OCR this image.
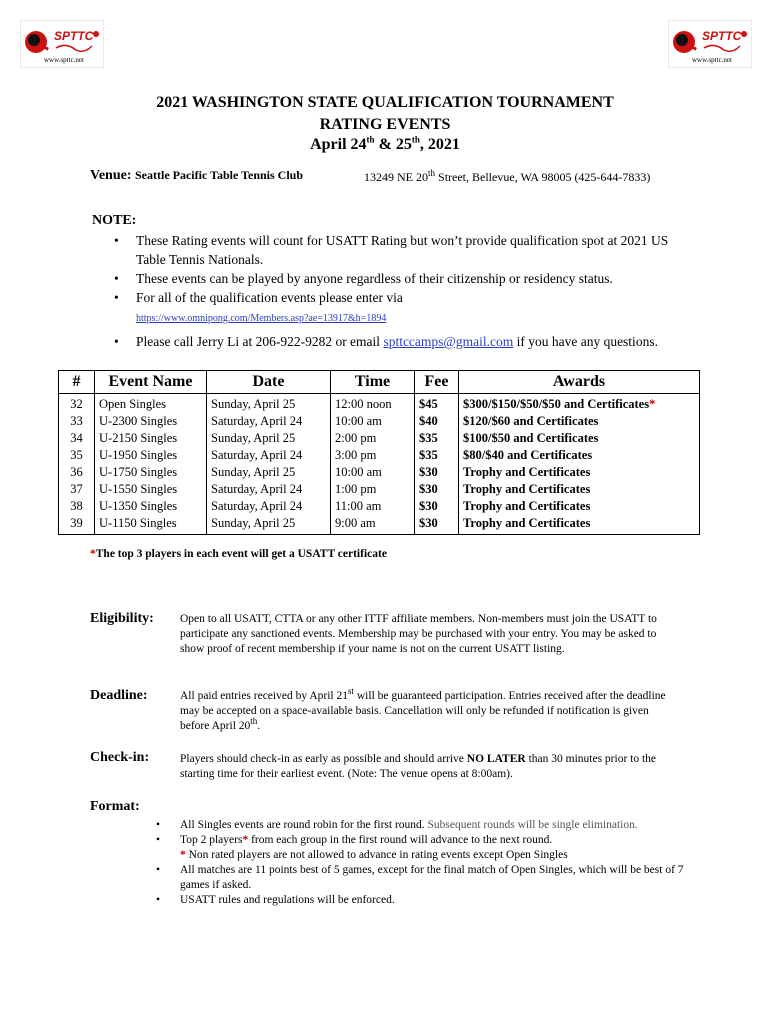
SPTTC
www.spttc.net
SPTTC
www.spttc.net
2021 WASHINGTON STATE QUALIFICATION TOURNAMENT
RATING EVENTS
April 24th & 25th, 2021
Venue: Seattle Pacific Table Tennis Club	13249 NE 20th Street, Bellevue, WA 98005 (425-644-7833)
NOTE:
• These Rating events will count for USATT Rating but won’t provide qualification spot at 2021 US Table Tennis Nationals.
• These events can be played by anyone regardless of their citizenship or residency status.
• For all of the qualification events please enter via
https://www.omnipong.com/Members.asp?ae=13917&h=1894
• Please call Jerry Li at 206-922-9282 or email spttccamps@gmail.com if you have any questions.
#	Event Name	Date	Time	Fee	Awards
32	Open Singles	Sunday, April 25	12:00 noon	$45	$300/$150/$50/$50 and Certificates*
33	U-2300 Singles	Saturday, April 24	10:00 am	$40	$120/$60 and Certificates
34	U-2150 Singles	Sunday, April 25	2:00 pm	$35	$100/$50 and Certificates
35	U-1950 Singles	Saturday, April 24	3:00 pm	$35	$80/$40 and Certificates
36	U-1750 Singles	Sunday, April 25	10:00 am	$30	Trophy and Certificates
37	U-1550 Singles	Saturday, April 24	1:00 pm	$30	Trophy and Certificates
38	U-1350 Singles	Saturday, April 24	11:00 am	$30	Trophy and Certificates
39	U-1150 Singles	Sunday, April 25	9:00 am	$30	Trophy and Certificates
*The top 3 players in each event will get a USATT certificate
Eligibility: Open to all USATT, CTTA or any other ITTF affiliate members. Non-members must join the USATT to participate any sanctioned events. Membership may be purchased with your entry. You may be asked to show proof of recent membership if your name is not on the current USATT listing.
Deadline:	All paid entries received by April 21st will be guaranteed participation. Entries received after the deadline may be accepted on a space-available basis. Cancellation will only be refunded if notification is given before April 20th.
Check-in:	Players should check-in as early as possible and should arrive NO LATER than 30 minutes prior to the starting time for their earliest event. (Note: The venue opens at 8:00am).
Format:
• All Singles events are round robin for the first round. Subsequent rounds will be single elimination.
• Top 2 players* from each group in the first round will advance to the next round.
* Non rated players are not allowed to advance in rating events except Open Singles
• All matches are 11 points best of 5 games, except for the final match of Open Singles, which will be best of 7 games if asked.
• USATT rules and regulations will be enforced.
